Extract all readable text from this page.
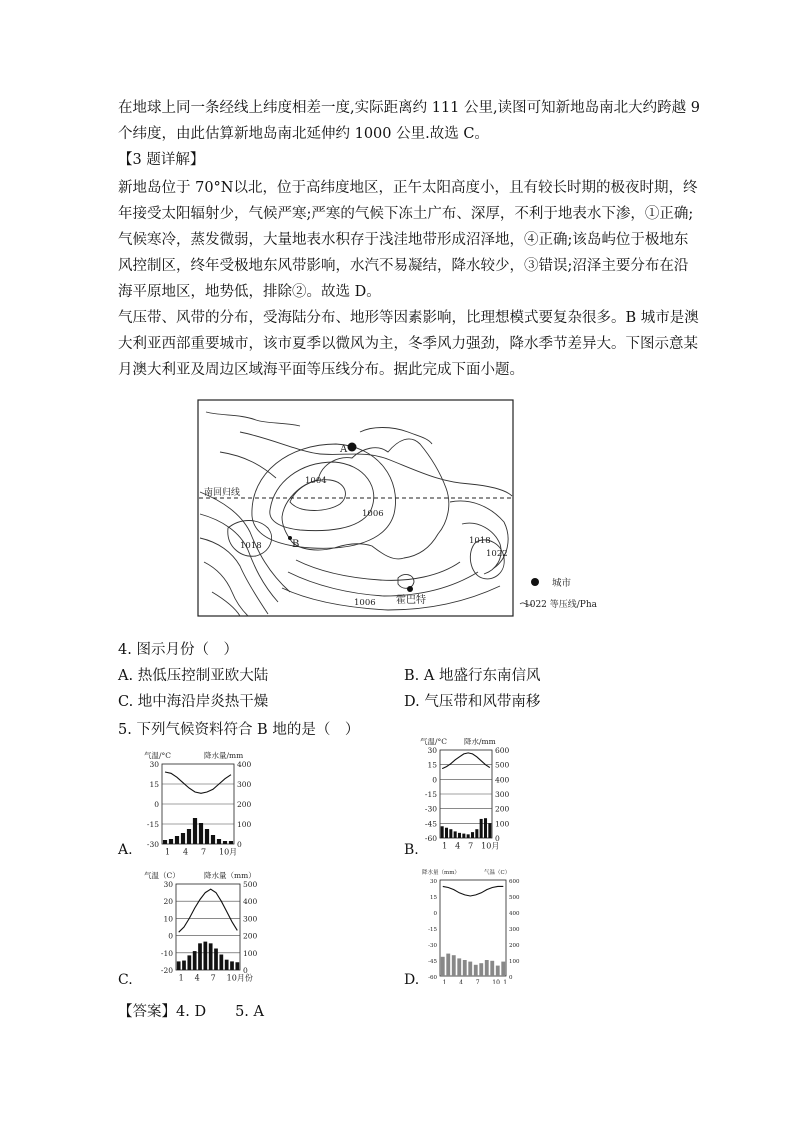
在地球上同一条经线上纬度相差一度,实际距离约 111 公里,读图可知新地岛南北大约跨越 9
个纬度，由此估算新地岛南北延伸约 1000 公里.故选 C。
【3 题详解】
新地岛位于 70°N以北，位于高纬度地区，正午太阳高度小，且有较长时期的极夜时期，终
年接受太阳辐射少，气候严寒;严寒的气候下冻土广布、深厚，不利于地表水下渗，①正确;
气候寒冷，蒸发微弱，大量地表水积存于浅洼地带形成沼泽地，④正确;该岛屿位于极地东
风控制区，终年受极地东风带影响，水汽不易凝结，降水较少，③错误;沼泽主要分布在沿
海平原地区，地势低，排除②。故选 D。
气压带、风带的分布，受海陆分布、地形等因素影响，比理想模式要复杂很多。B 城市是澳
大利亚西部重要城市，该市夏季以微风为主，冬季风力强劲，降水季节差异大。下图示意某
月澳大利亚及周边区域海平面等压线分布。据此完成下面小题。
南回归线
A
B
霍巴特
1004
1006
1018	1018
1022
1006
城市
1022 等压线/Pha
4. 图示月份（　）
A. 热低压控制亚欧大陆	B. A 地盛行东南信风
C. 地中海沿岸炎热干燥	D. 气压带和风带南移
5. 下列气候资料符合 B 地的是（　）
A.	B.
C.	D.
气温/°C	降水量/mm
30
15
0
-15
-30
400
300
200
100
0
1 4 7 10月
气温/°C 降水/mm
30
15
0
-15
-30
-45
-60
600
500
400
300
200
100
0
1 4 7 10月
气温（C）	降水量（mm）
30
20
10
0
-10
-20
500
400
300
200
100
0
1 4 7 10月份
降水量（mm）	气温（C）
30
15
0
-15
-30
-45
-60
600
500
400
300
200
100
0
1 4 7 10 1
【答案】4. D　　5. A
